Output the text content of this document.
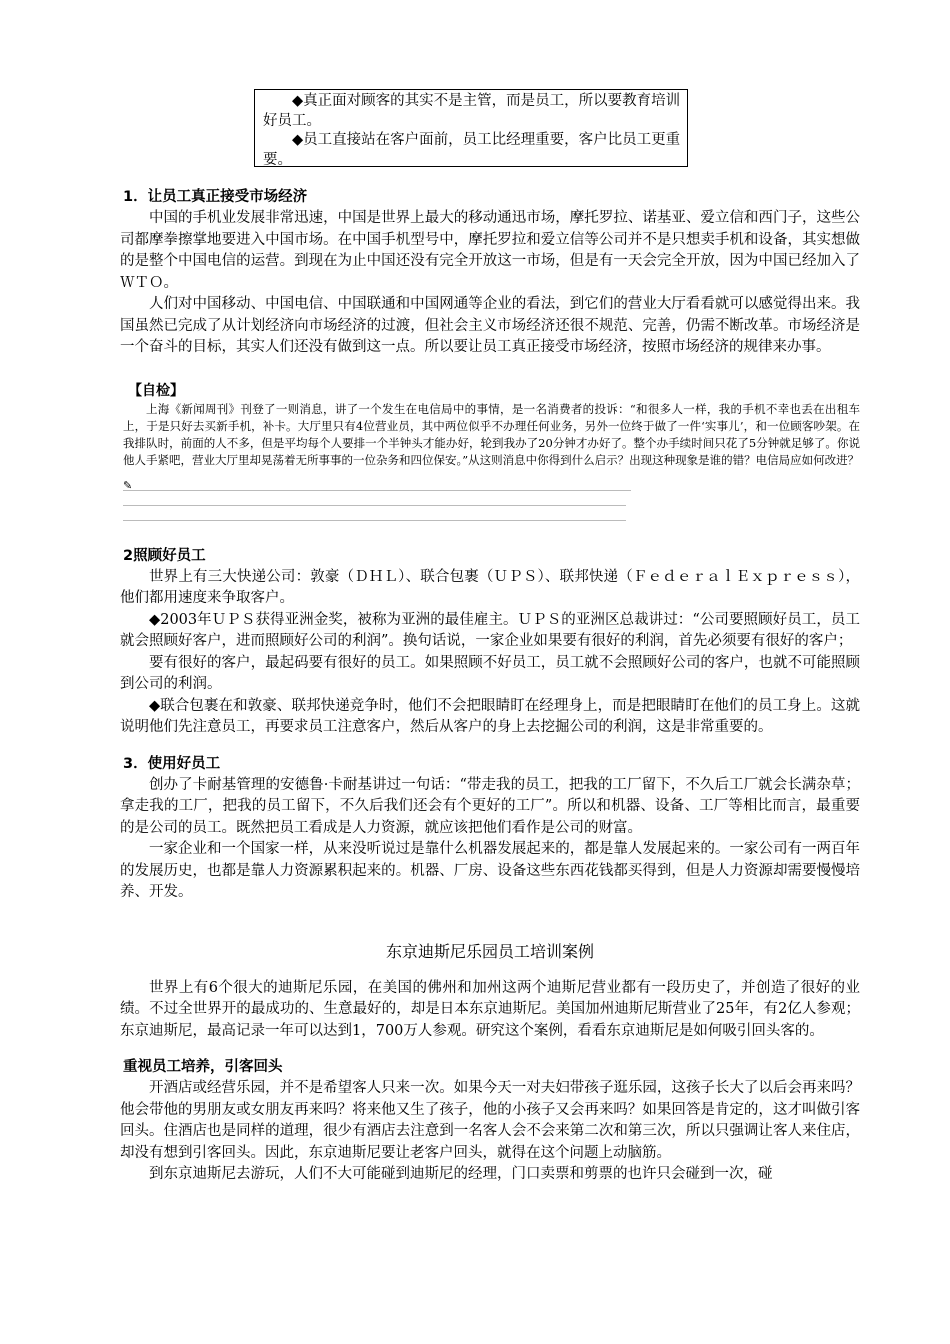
◆真正面对顾客的其实不是主管，而是员工，所以要教育培训好员工。

◆员工直接站在客户面前，员工比经理重要，客户比员工更重要。

1．让员工真正接受市场经济

中国的手机业发展非常迅速，中国是世界上最大的移动通迅市场，摩托罗拉、诺基亚、爱立信和西门子，这些公司都摩拳擦掌地要进入中国市场。在中国手机型号中，摩托罗拉和爱立信等公司并不是只想卖手机和设备，其实想做的是整个中国电信的运营。到现在为止中国还没有完全开放这一市场，但是有一天会完全开放，因为中国已经加入了ＷＴＯ。

人们对中国移动、中国电信、中国联通和中国网通等企业的看法，到它们的营业大厅看看就可以感觉得出来。我国虽然已完成了从计划经济向市场经济的过渡，但社会主义市场经济还很不规范、完善，仍需不断改革。市场经济是一个奋斗的目标，其实人们还没有做到这一点。所以要让员工真正接受市场经济，按照市场经济的规律来办事。

【自检】

上海《新闻周刊》刊登了一则消息，讲了一个发生在电信局中的事情，是一名消费者的投诉：“和很多人一样，我的手机不幸也丢在出租车上，于是只好去买新手机，补卡。大厅里只有4位营业员，其中两位似乎不办理任何业务，另外一位终于做了一件‘实事儿’，和一位顾客吵架。在我排队时，前面的人不多，但是平均每个人要排一个半钟头才能办好，轮到我办了20分钟才办好了。整个办手续时间只花了5分钟就足够了。你说他人手紧吧，营业大厅里却晃荡着无所事事的一位杂务和四位保安。”从这则消息中你得到什么启示？出现这种现象是谁的错？电信局应如何改进？

$_✎$

2照顾好员工

世界上有三大快递公司：敦豪（ＤＨＬ）、联合包裹（ＵＰＳ）、联邦快递（ＦｅｄｅｒａｌＥｘｐｒｅｓｓ），他们都用速度来争取客户。

◆2003年ＵＰＳ获得亚洲金奖，被称为亚洲的最佳雇主。ＵＰＳ的亚洲区总裁讲过：“公司要照顾好员工，员工就会照顾好客户，进而照顾好公司的利润”。换句话说，一家企业如果要有很好的利润，首先必须要有很好的客户；

要有很好的客户，最起码要有很好的员工。如果照顾不好员工，员工就不会照顾好公司的客户，也就不可能照顾到公司的利润。

◆联合包裹在和敦豪、联邦快递竞争时，他们不会把眼睛盯在经理身上，而是把眼睛盯在他们的员工身上。这就说明他们先注意员工，再要求员工注意客户，然后从客户的身上去挖掘公司的利润，这是非常重要的。

3．使用好员工

创办了卡耐基管理的安德鲁·卡耐基讲过一句话：“带走我的员工，把我的工厂留下，不久后工厂就会长满杂草；拿走我的工厂，把我的员工留下，不久后我们还会有个更好的工厂”。所以和机器、设备、工厂等相比而言，最重要的是公司的员工。既然把员工看成是人力资源，就应该把他们看作是公司的财富。

一家企业和一个国家一样，从来没听说过是靠什么机器发展起来的，都是靠人发展起来的。一家公司有一两百年的发展历史，也都是靠人力资源累积起来的。机器、厂房、设备这些东西花钱都买得到，但是人力资源却需要慢慢培养、开发。

东京迪斯尼乐园员工培训案例

世界上有6个很大的迪斯尼乐园，在美国的佛州和加州这两个迪斯尼营业都有一段历史了，并创造了很好的业绩。不过全世界开的最成功的、生意最好的，却是日本东京迪斯尼。美国加州迪斯尼斯营业了25年，有2亿人参观；东京迪斯尼，最高记录一年可以达到1，700万人参观。研究这个案例，看看东京迪斯尼是如何吸引回头客的。

重视员工培养，引客回头

开酒店或经营乐园，并不是希望客人只来一次。如果今天一对夫妇带孩子逛乐园，这孩子长大了以后会再来吗？他会带他的男朋友或女朋友再来吗？将来他又生了孩子，他的小孩子又会再来吗？如果回答是肯定的，这才叫做引客回头。住酒店也是同样的道理，很少有酒店去注意到一名客人会不会来第二次和第三次，所以只强调让客人来住店，却没有想到引客回头。因此，东京迪斯尼要让老客户回头，就得在这个问题上动脑筋。

到东京迪斯尼去游玩，人们不大可能碰到迪斯尼的经理，门口卖票和剪票的也许只会碰到一次，碰
